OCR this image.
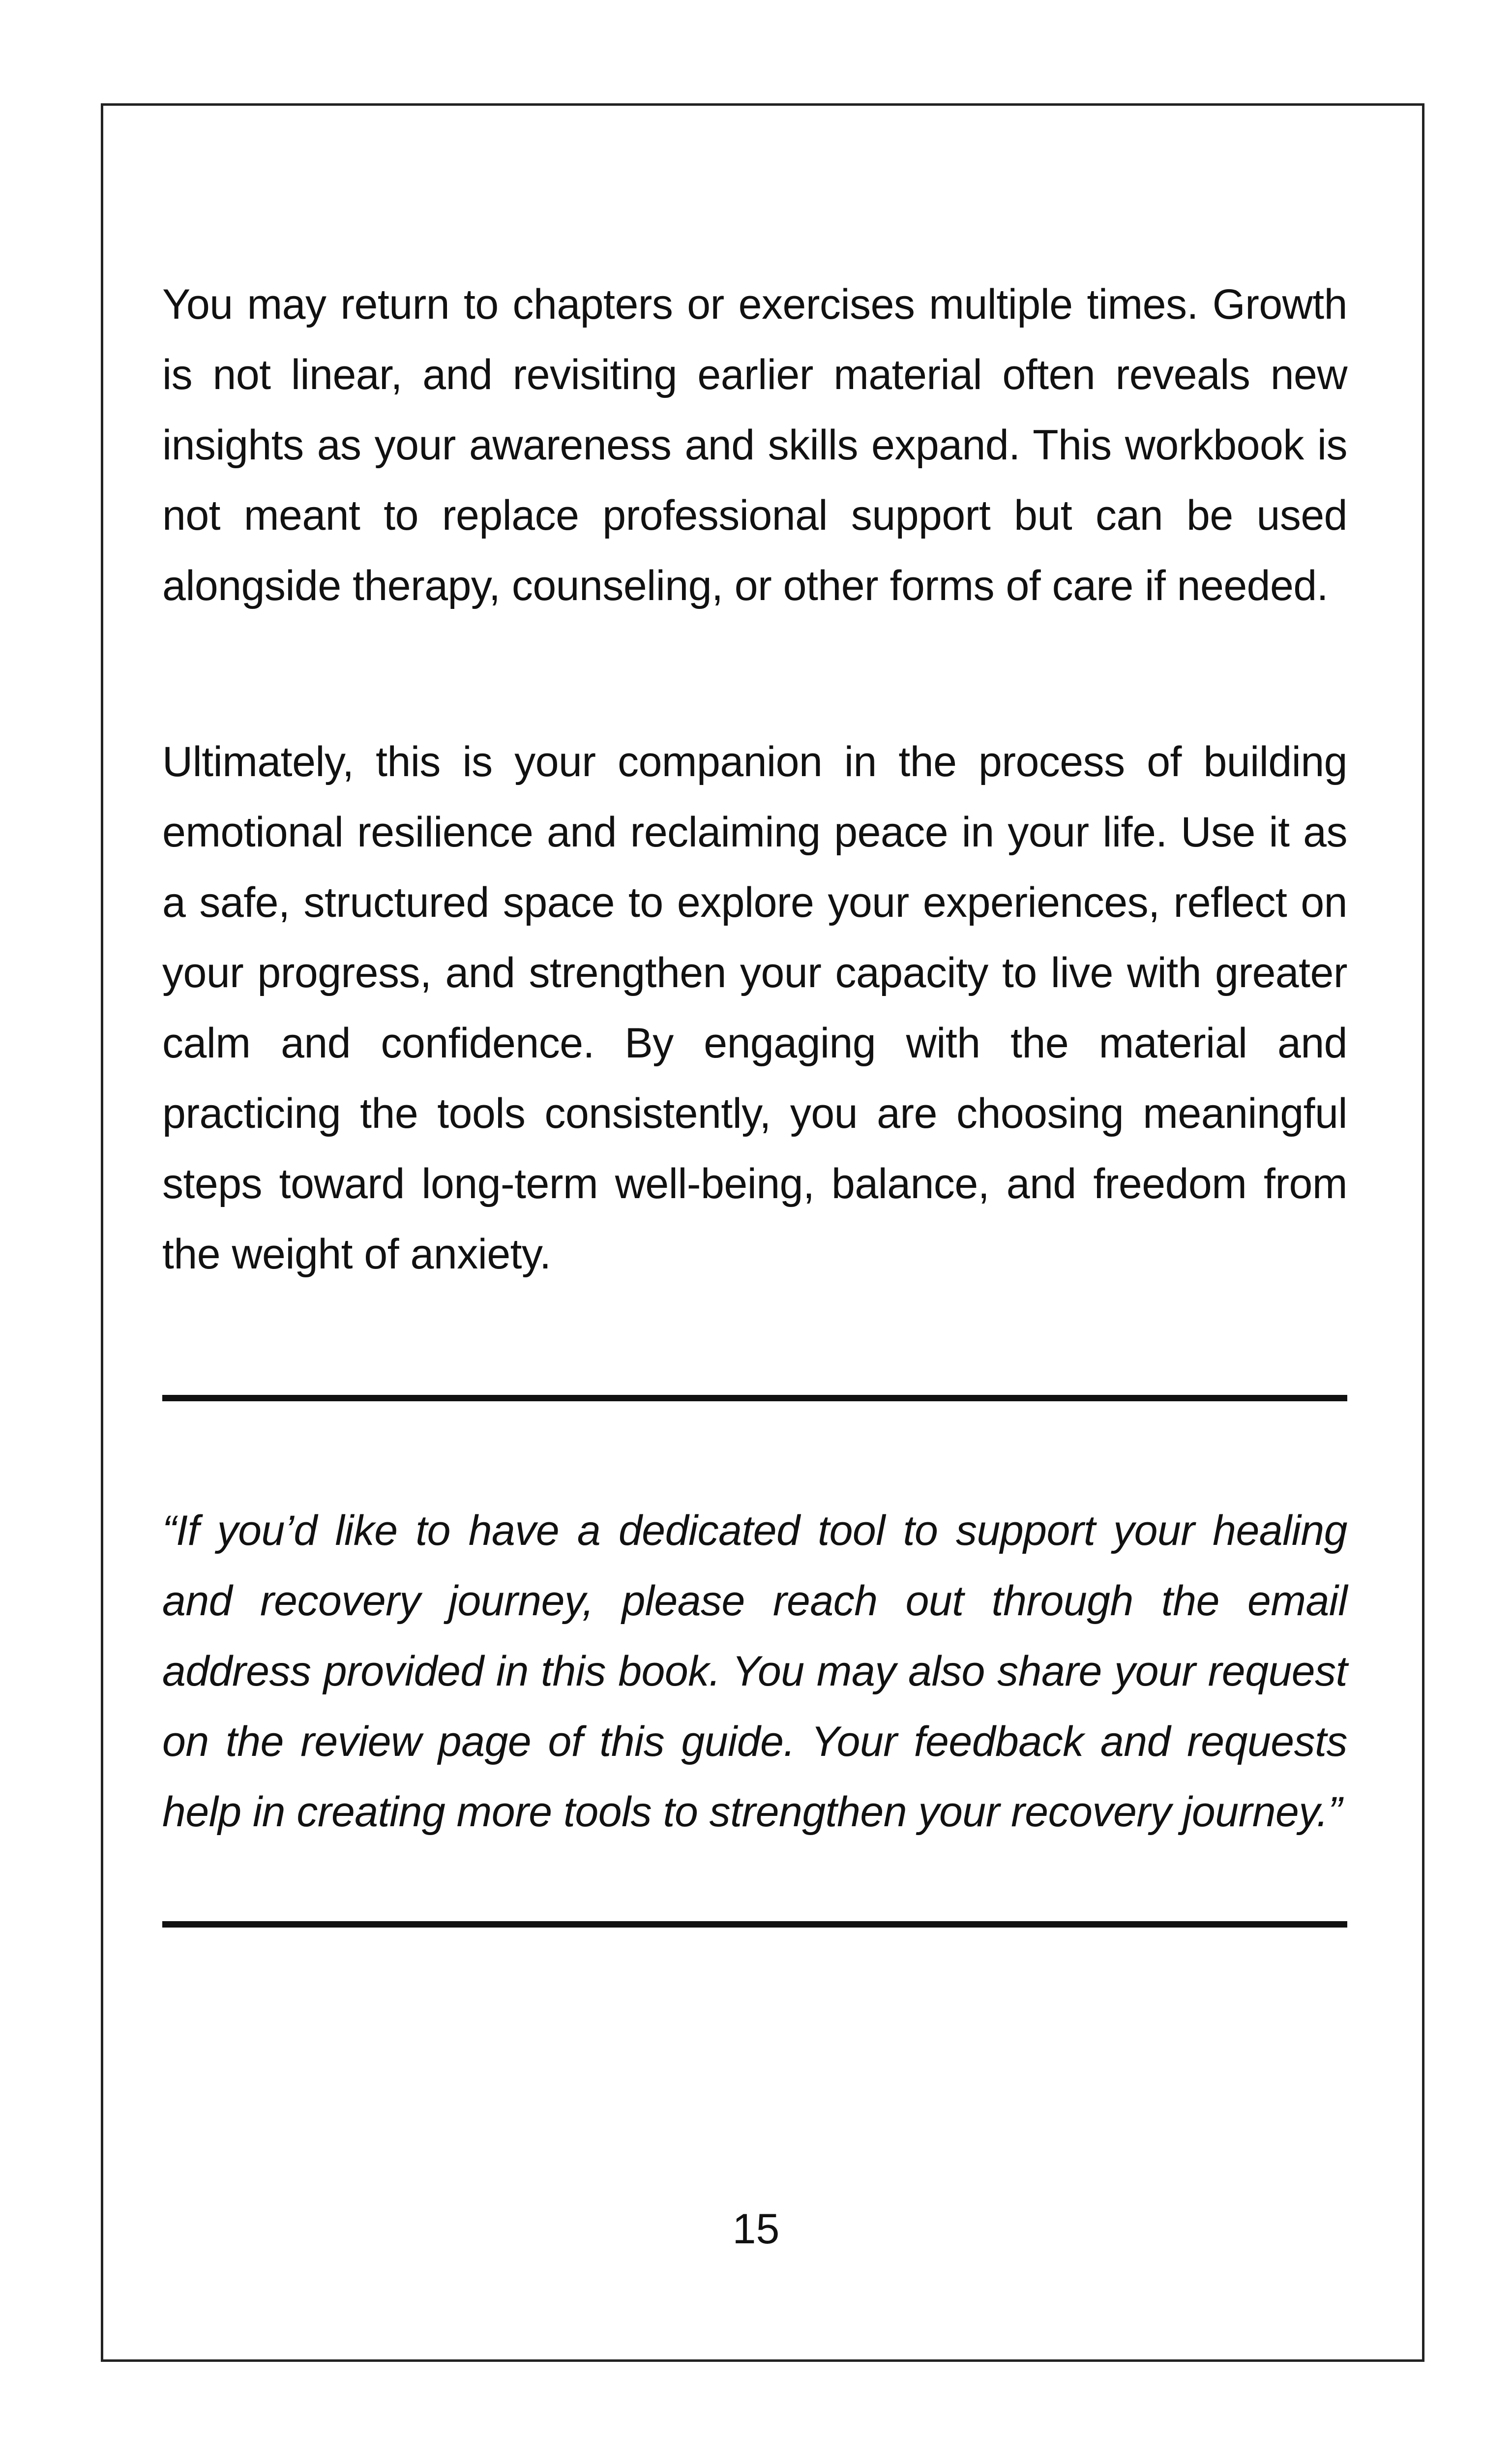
You may return to chapters or exercises multiple times. Growth is not linear, and revisiting earlier material often reveals new insights as your awareness and skills expand. This workbook is not meant to replace professional support but can be used alongside therapy, counseling, or other forms of care if needed.

Ultimately, this is your companion in the process of building emotional resilience and reclaiming peace in your life. Use it as a safe, structured space to explore your experiences, reflect on your progress, and strengthen your capacity to live with greater calm and confidence. By engaging with the material and practicing the tools consistently, you are choosing meaningful steps toward long-term well-being, balance, and freedom from the weight of anxiety.

“If you’d like to have a dedicated tool to support your healing and recovery journey, please reach out through the email address provided in this book. You may also share your request on the review page of this guide. Your feedback and requests help in creating more tools to strengthen your recovery journey.”

15
